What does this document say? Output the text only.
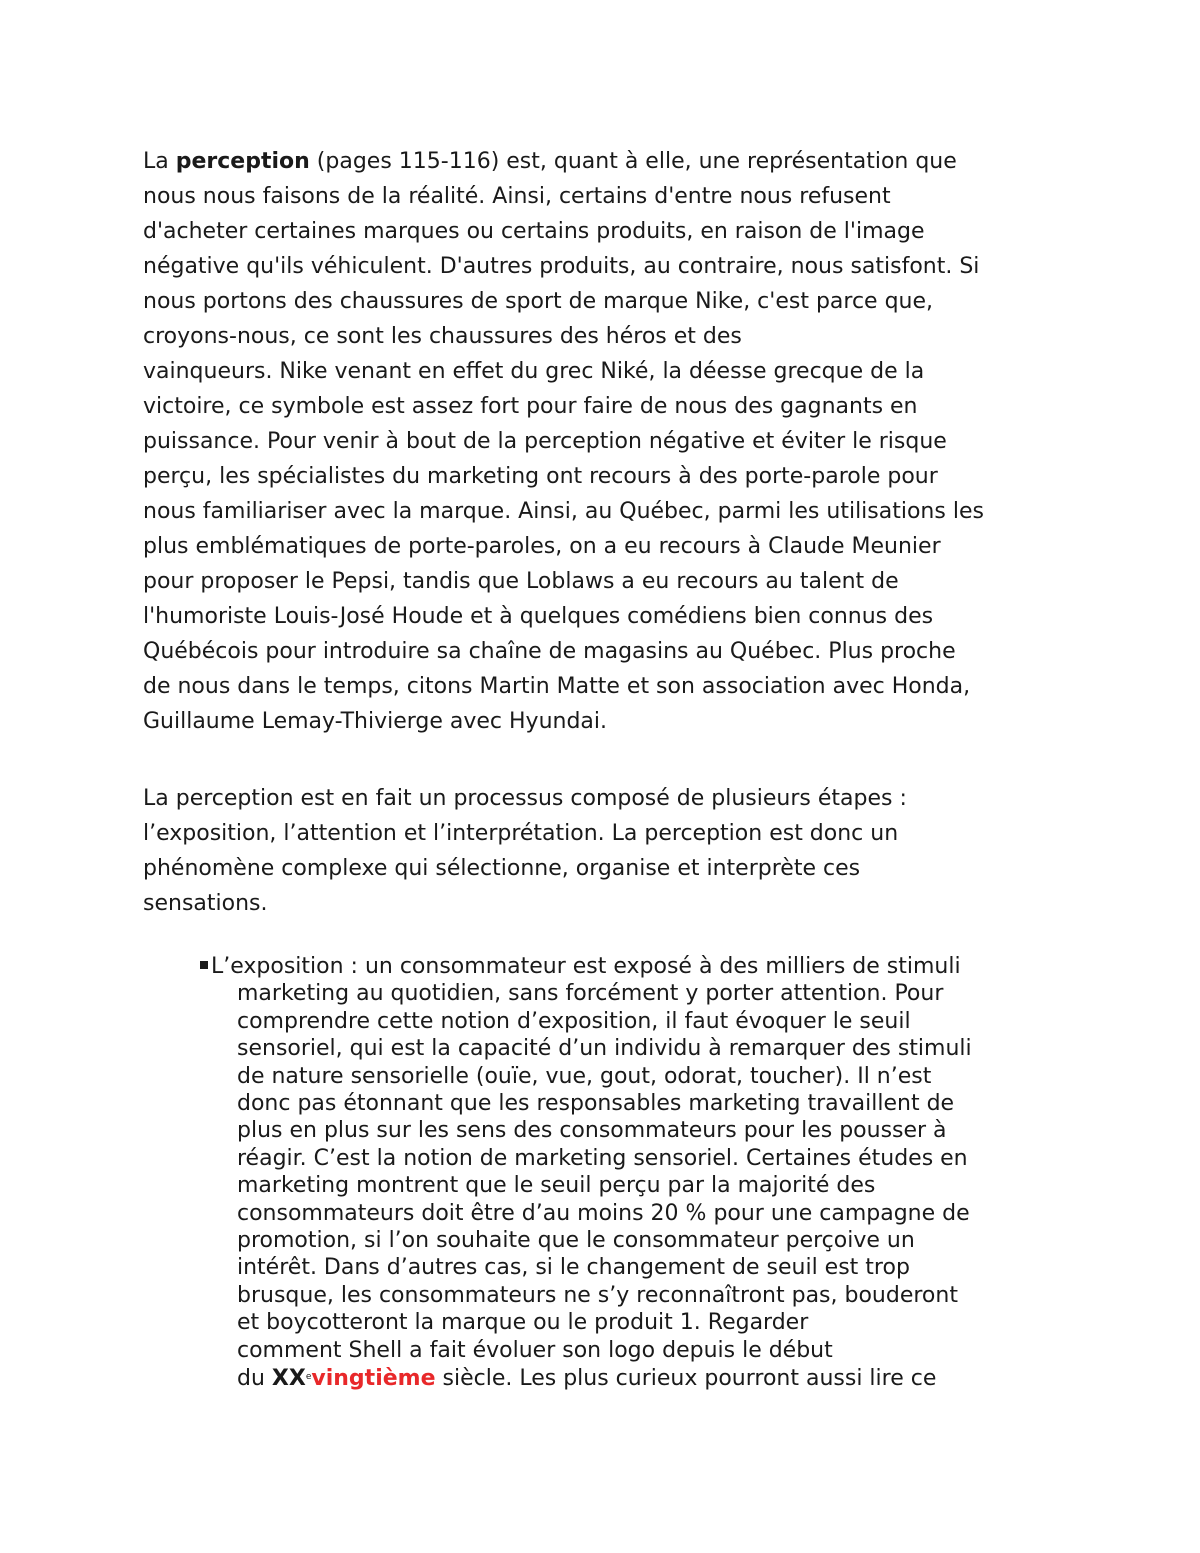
La perception (pages 115-116) est, quant à elle, une représentation que
nous nous faisons de la réalité. Ainsi, certains d'entre nous refusent
d'acheter certaines marques ou certains produits, en raison de l'image
négative qu'ils véhiculent. D'autres produits, au contraire, nous satisfont. Si
nous portons des chaussures de sport de marque Nike, c'est parce que,
croyons-nous, ce sont les chaussures des héros et des
vainqueurs. Nike venant en effet du grec Niké, la déesse grecque de la
victoire, ce symbole est assez fort pour faire de nous des gagnants en
puissance. Pour venir à bout de la perception négative et éviter le risque
perçu, les spécialistes du marketing ont recours à des porte-parole pour
nous familiariser avec la marque. Ainsi, au Québec, parmi les utilisations les
plus emblématiques de porte-paroles, on a eu recours à Claude Meunier
pour proposer le Pepsi, tandis que Loblaws a eu recours au talent de
l'humoriste Louis-José Houde et à quelques comédiens bien connus des
Québécois pour introduire sa chaîne de magasins au Québec. Plus proche
de nous dans le temps, citons Martin Matte et son association avec Honda,
Guillaume Lemay-Thivierge avec Hyundai.
La perception est en fait un processus composé de plusieurs étapes :
l’exposition, l’attention et l’interprétation. La perception est donc un
phénomène complexe qui sélectionne, organise et interprète ces
sensations.
L’exposition : un consommateur est exposé à des milliers de stimuli
marketing au quotidien, sans forcément y porter attention. Pour
comprendre cette notion d’exposition, il faut évoquer le seuil
sensoriel, qui est la capacité d’un individu à remarquer des stimuli
de nature sensorielle (ouïe, vue, gout, odorat, toucher). Il n’est
donc pas étonnant que les responsables marketing travaillent de
plus en plus sur les sens des consommateurs pour les pousser à
réagir. C’est la notion de marketing sensoriel. Certaines études en
marketing montrent que le seuil perçu par la majorité des
consommateurs doit être d’au moins 20 % pour une campagne de
promotion, si l’on souhaite que le consommateur perçoive un
intérêt. Dans d’autres cas, si le changement de seuil est trop
brusque, les consommateurs ne s’y reconnaîtront pas, bouderont
et boycotteront la marque ou le produit 1. Regarder
comment Shell a fait évoluer son logo depuis le début
du XXevingtième siècle. Les plus curieux pourront aussi lire ce
